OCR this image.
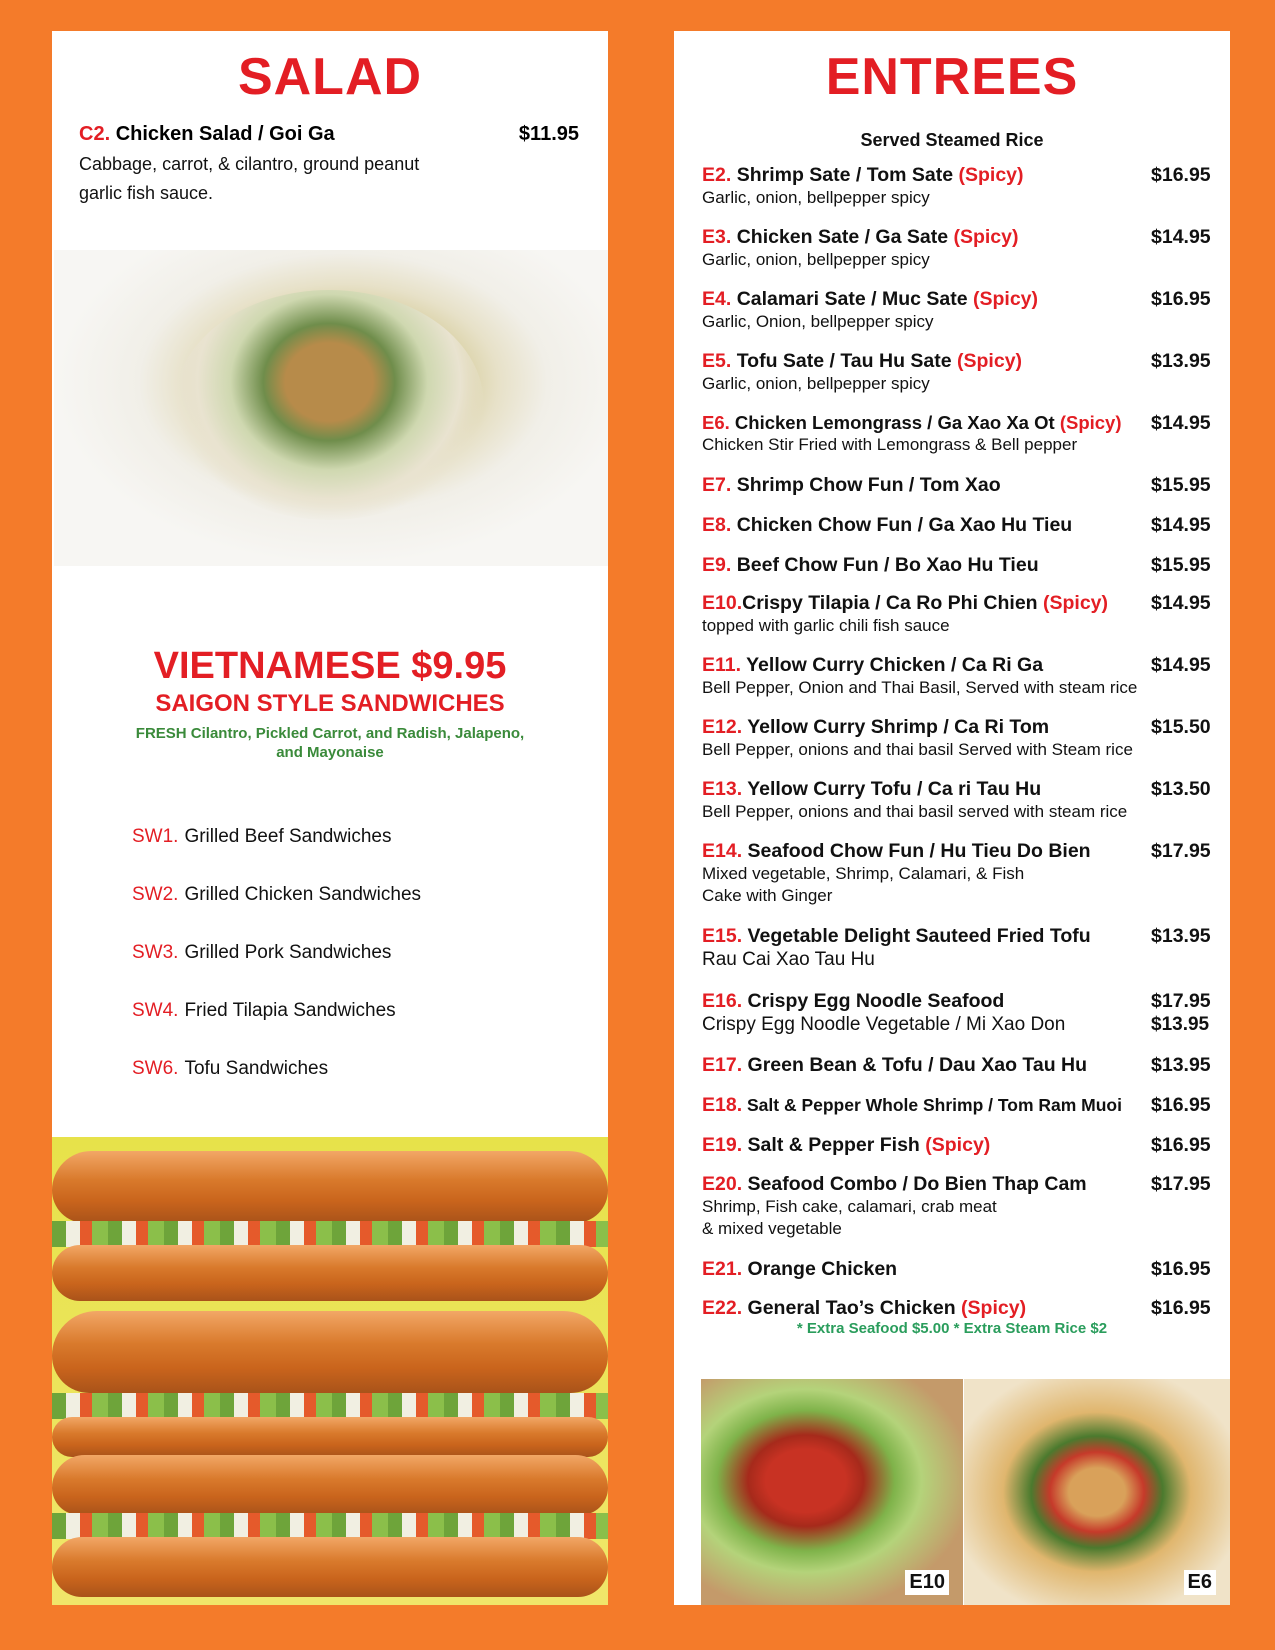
SALAD
C2. Chicken Salad / Goi Ga	$11.95
Cabbage, carrot, & cilantro, ground peanut garlic fish sauce.
VIETNAMESE $9.95
SAIGON STYLE SANDWICHES
FRESH Cilantro, Pickled Carrot, and Radish, Jalapeno, and Mayonaise
SW1. Grilled Beef Sandwiches
SW2. Grilled Chicken Sandwiches
SW3. Grilled Pork Sandwiches
SW4. Fried Tilapia Sandwiches
SW6. Tofu Sandwiches
ENTREES
Served Steamed Rice
E2. Shrimp Sate / Tom Sate (Spicy)	$16.95
Garlic, onion, bellpepper spicy
E3. Chicken Sate / Ga Sate (Spicy)	$14.95
Garlic, onion, bellpepper spicy
E4. Calamari Sate / Muc Sate (Spicy)	$16.95
Garlic, Onion, bellpepper spicy
E5. Tofu Sate / Tau Hu Sate (Spicy)	$13.95
Garlic, onion, bellpepper spicy
E6. Chicken Lemongrass / Ga Xao Xa Ot (Spicy) $14.95
Chicken Stir Fried with Lemongrass & Bell pepper
E7. Shrimp Chow Fun / Tom Xao	$15.95
E8. Chicken Chow Fun / Ga Xao Hu Tieu	$14.95
E9. Beef Chow Fun / Bo Xao Hu Tieu	$15.95
E10.Crispy Tilapia / Ca Ro Phi Chien (Spicy) $14.95
topped with garlic chili fish sauce
E11. Yellow Curry Chicken / Ca Ri Ga	$14.95
Bell Pepper, Onion and Thai Basil, Served with steam rice
E12. Yellow Curry Shrimp / Ca Ri Tom	$15.50
Bell Pepper, onions and thai basil Served with Steam rice
E13. Yellow Curry Tofu / Ca ri Tau Hu	$13.50
Bell Pepper, onions and thai basil served with steam rice
E14. Seafood Chow Fun / Hu Tieu Do Bien	$17.95
Mixed vegetable, Shrimp, Calamari, & Fish
Cake with Ginger
E15. Vegetable Delight Sauteed Fried Tofu	$13.95
Rau Cai Xao Tau Hu
E16. Crispy Egg Noodle Seafood	$17.95
Crispy Egg Noodle Vegetable / Mi Xao Don	$13.95
E17. Green Bean & Tofu / Dau Xao Tau Hu	$13.95
E18. Salt & Pepper Whole Shrimp / Tom Ram Muoi $16.95
E19. Salt & Pepper Fish (Spicy)	$16.95
E20. Seafood Combo / Do Bien Thap Cam	$17.95
Shrimp, Fish cake, calamari, crab meat
& mixed vegetable
E21. Orange Chicken	$16.95
E22. General Tao’s Chicken (Spicy)	$16.95
* Extra Seafood $5.00 * Extra Steam Rice $2
E10	E6
